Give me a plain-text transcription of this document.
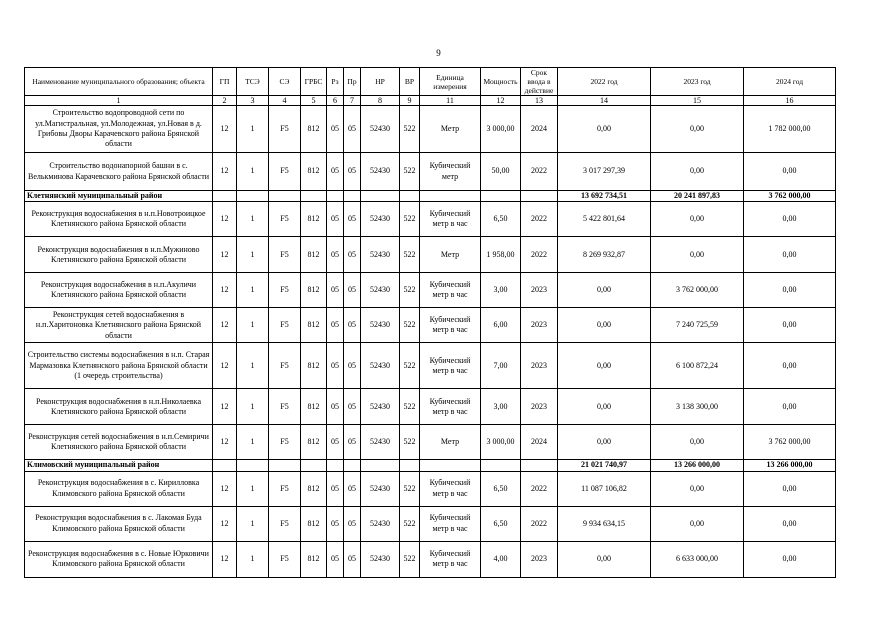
9
Наименование муниципального образования; объекта	ГП	ТСЭ	СЭ	ГРБС	Рз	Пр	НР	ВР	Единица измерения	Мощность	Срок ввода в действие	2022 год	2023 год	2024 год
1	2	3	4	5	6	7	8	9	11	12	13	14	15	16
Строительство водопроводной сети по ул.Магистральная, ул.Молодежная, ул.Новая в д. Грибовы Дворы Карачевского района Брянской области	12	1	F5	812	05	05	52430	522	Метр	3 000,00	2024	0,00	0,00	1 782 000,00
Строительство водонапорной башни в с. Велькминова Карачевского района Брянской области	12	1	F5	812	05	05	52430	522	Кубический метр	50,00	2022	3 017 297,39	0,00	0,00
Клетнянский муниципальный район												13 692 734,51	20 241 897,83	3 762 000,00
Реконструкция водоснабжения в н.п.Новотроицкое Клетнянского района Брянской области	12	1	F5	812	05	05	52430	522	Кубический метр в час	6,50	2022	5 422 801,64	0,00	0,00
Реконструкция водоснабжения в н.п.Мужиново Клетнянского района Брянской области	12	1	F5	812	05	05	52430	522	Метр	1 958,00	2022	8 269 932,87	0,00	0,00
Реконструкция водоснабжения в н.п.Акуличи Клетнянского района Брянской области	12	1	F5	812	05	05	52430	522	Кубический метр в час	3,00	2023	0,00	3 762 000,00	0,00
Реконструкция сетей водоснабжения в н.п.Харитоновка Клетнянского района Брянской области	12	1	F5	812	05	05	52430	522	Кубический метр в час	6,00	2023	0,00	7 240 725,59	0,00
Строительство системы водоснабжения в н.п. Старая Мармазовка Клетнянского района Брянской области (1 очередь строительства)	12	1	F5	812	05	05	52430	522	Кубический метр в час	7,00	2023	0,00	6 100 872,24	0,00
Реконструкция водоснабжения в н.п.Николаевка Клетнянского района Брянской области	12	1	F5	812	05	05	52430	522	Кубический метр в час	3,00	2023	0,00	3 138 300,00	0,00
Реконструкция сетей водоснабжения в н.п.Семиричи Клетнянского района Брянской области	12	1	F5	812	05	05	52430	522	Метр	3 000,00	2024	0,00	0,00	3 762 000,00
Климовский муниципальный район												21 021 740,97	13 266 000,00	13 266 000,00
Реконструкция водоснабжения в с. Кирилловка Климовского района Брянской области	12	1	F5	812	05	05	52430	522	Кубический метр в час	6,50	2022	11 087 106,82	0,00	0,00
Реконструкция водоснабжения в с. Лакомая Буда Климовского района Брянской области	12	1	F5	812	05	05	52430	522	Кубический метр в час	6,50	2022	9 934 634,15	0,00	0,00
Реконструкция водоснабжения в с. Новые Юрковичи Климовского района Брянской области	12	1	F5	812	05	05	52430	522	Кубический метр в час	4,00	2023	0,00	6 633 000,00	0,00
